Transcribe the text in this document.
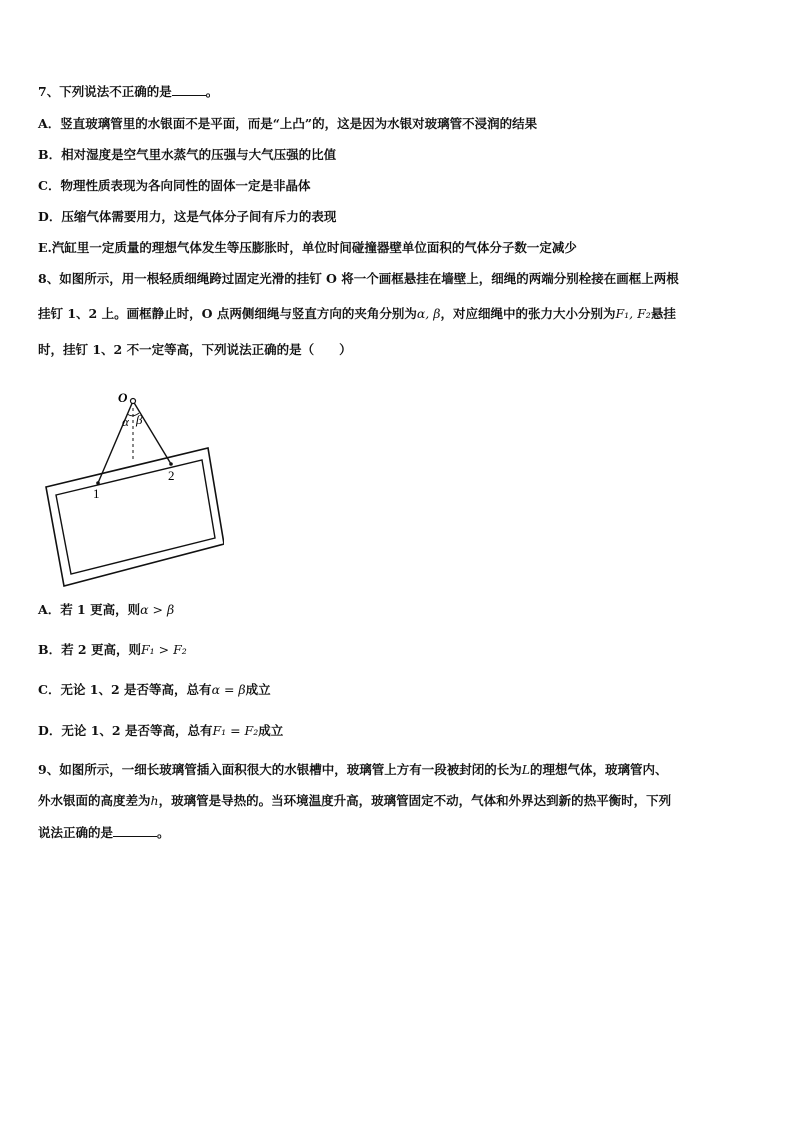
7、下列说法不正确的是	。
A．竖直玻璃管里的水银面不是平面，而是“上凸”的，这是因为水银对玻璃管不浸润的结果
B．相对湿度是空气里水蒸气的压强与大气压强的比值
C．物理性质表现为各向同性的固体一定是非晶体
D．压缩气体需要用力，这是气体分子间有斥力的表现
E.汽缸里一定质量的理想气体发生等压膨胀时，单位时间碰撞器壁单位面积的气体分子数一定减少
8、如图所示，用一根轻质细绳跨过固定光滑的挂钉 O 将一个画框悬挂在墙壁上，细绳的两端分别栓接在画框上两根
挂钉 1、2 上。画框静止时，O 点两侧细绳与竖直方向的夹角分别为α, β，对应细绳中的张力大小分别为F₁, F₂悬挂
时，挂钉 1、2 不一定等高，下列说法正确的是（　　）
O
α β
1
2
A．若 1 更高，则α > β
B．若 2 更高，则F₁ > F₂
C．无论 1、2 是否等高，总有α = β成立
D．无论 1、2 是否等高，总有F₁ = F₂成立
9、如图所示，一细长玻璃管插入面积很大的水银槽中，玻璃管上方有一段被封闭的长为L的理想气体，玻璃管内、
外水银面的高度差为h，玻璃管是导热的。当环境温度升高，玻璃管固定不动，气体和外界达到新的热平衡时，下列
说法正确的是	。
